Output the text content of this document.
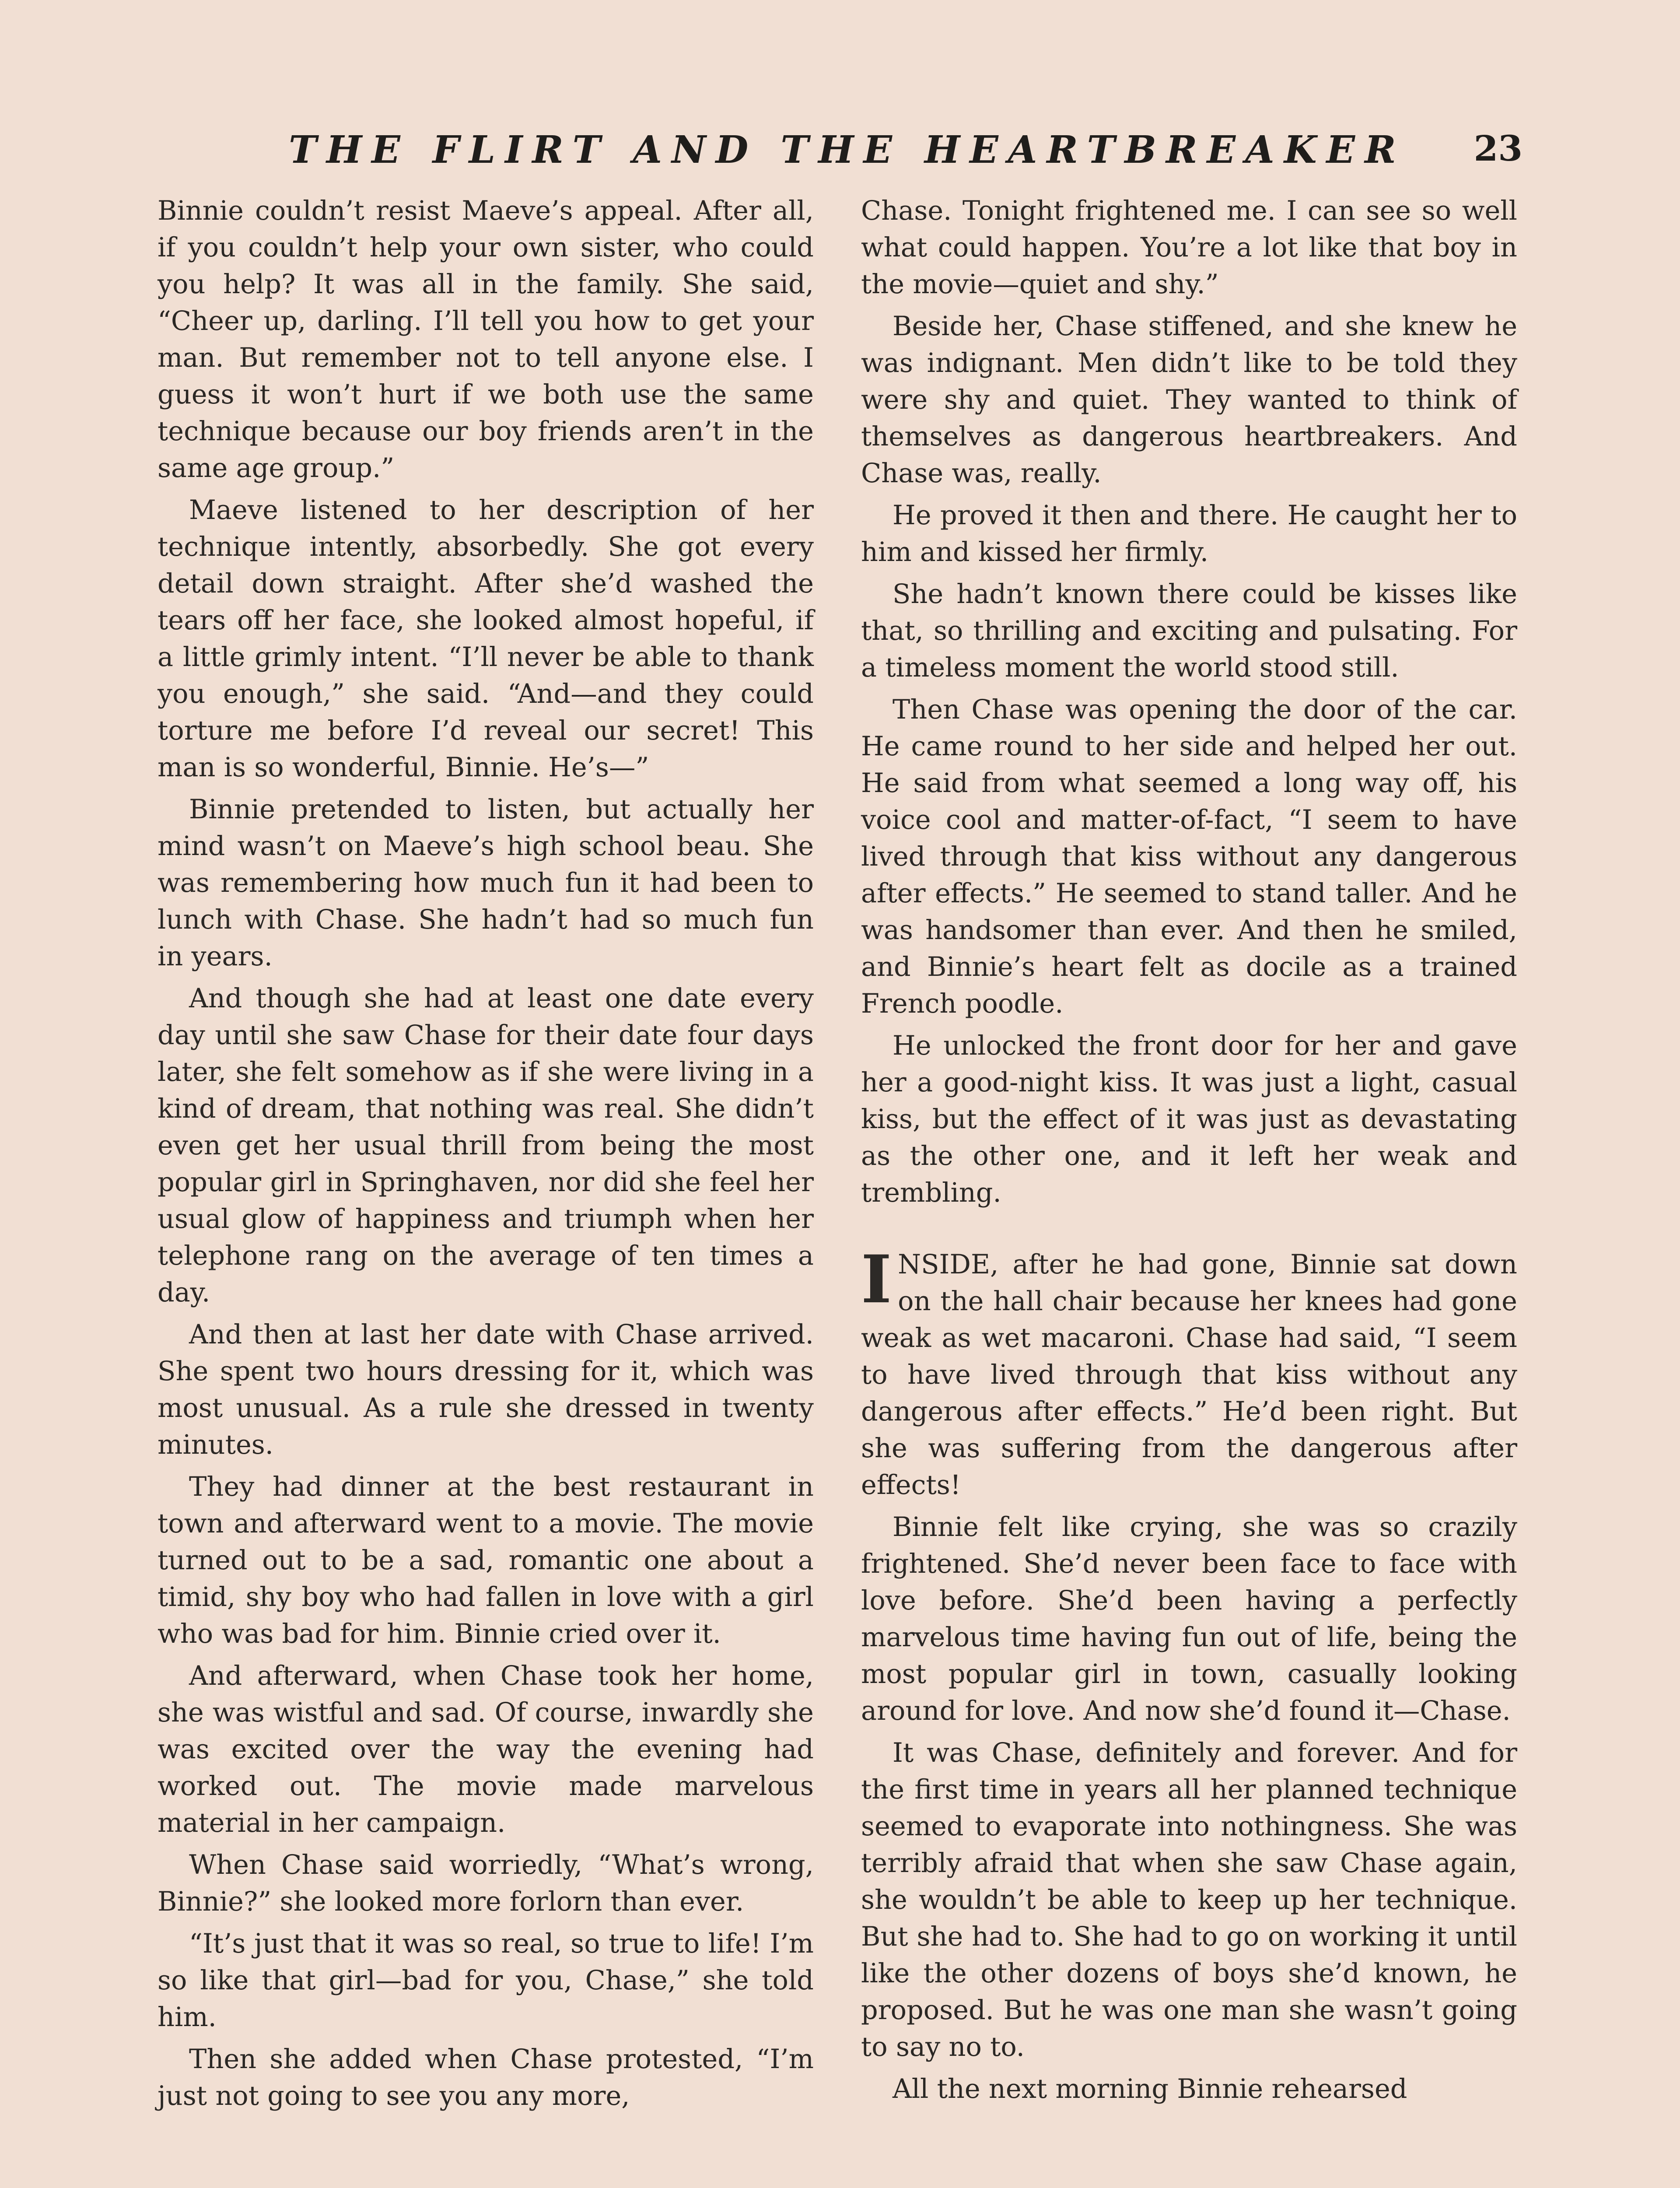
THE FLIRT AND THE HEARTBREAKER 23

Binnie couldn’t resist Maeve’s appeal. After all, if you couldn’t help your own sister, who could you help? It was all in the family. She said, “Cheer up, darling. I’ll tell you how to get your man. But remember not to tell anyone else. I guess it won’t hurt if we both use the same technique because our boy friends aren’t in the same age group.”

Maeve listened to her description of her technique intently, absorbedly. She got every detail down straight. After she’d washed the tears off her face, she looked almost hopeful, if a little grimly intent. “I’ll never be able to thank you enough,” she said. “And—and they could torture me before I’d reveal our secret! This man is so wonderful, Binnie. He’s—”

Binnie pretended to listen, but actually her mind wasn’t on Maeve’s high school beau. She was remembering how much fun it had been to lunch with Chase. She hadn’t had so much fun in years.

And though she had at least one date every day until she saw Chase for their date four days later, she felt somehow as if she were living in a kind of dream, that nothing was real. She didn’t even get her usual thrill from being the most popular girl in Springhaven, nor did she feel her usual glow of happiness and triumph when her telephone rang on the average of ten times a day.

And then at last her date with Chase arrived. She spent two hours dressing for it, which was most unusual. As a rule she dressed in twenty minutes.

They had dinner at the best restaurant in town and afterward went to a movie. The movie turned out to be a sad, romantic one about a timid, shy boy who had fallen in love with a girl who was bad for him. Binnie cried over it.

And afterward, when Chase took her home, she was wistful and sad. Of course, inwardly she was excited over the way the evening had worked out. The movie made marvelous material in her campaign.

When Chase said worriedly, “What’s wrong, Binnie?” she looked more forlorn than ever.

“It’s just that it was so real, so true to life! I’m so like that girl—bad for you, Chase,” she told him.

Then she added when Chase protested, “I’m just not going to see you any more,

Chase. Tonight frightened me. I can see so well what could happen. You’re a lot like that boy in the movie—quiet and shy.”

Beside her, Chase stiffened, and she knew he was indignant. Men didn’t like to be told they were shy and quiet. They wanted to think of themselves as dangerous heartbreakers. And Chase was, really.

He proved it then and there. He caught her to him and kissed her firmly.

She hadn’t known there could be kisses like that, so thrilling and exciting and pulsating. For a timeless moment the world stood still.

Then Chase was opening the door of the car. He came round to her side and helped her out. He said from what seemed a long way off, his voice cool and matter-of-fact, “I seem to have lived through that kiss without any dangerous after effects.” He seemed to stand taller. And he was handsomer than ever. And then he smiled, and Binnie’s heart felt as docile as a trained French poodle.

He unlocked the front door for her and gave her a good-night kiss. It was just a light, casual kiss, but the effect of it was just as devastating as the other one, and it left her weak and trembling.

INSIDE, after he had gone, Binnie sat down on the hall chair because her knees had gone weak as wet macaroni. Chase had said, “I seem to have lived through that kiss without any dangerous after effects.” He’d been right. But she was suffering from the dangerous after effects!

Binnie felt like crying, she was so crazily frightened. She’d never been face to face with love before. She’d been having a perfectly marvelous time having fun out of life, being the most popular girl in town, casually looking around for love. And now she’d found it—Chase.

It was Chase, definitely and forever. And for the first time in years all her planned technique seemed to evaporate into nothingness. She was terribly afraid that when she saw Chase again, she wouldn’t be able to keep up her technique. But she had to. She had to go on working it until like the other dozens of boys she’d known, he proposed. But he was one man she wasn’t going to say no to.

All the next morning Binnie rehearsed
